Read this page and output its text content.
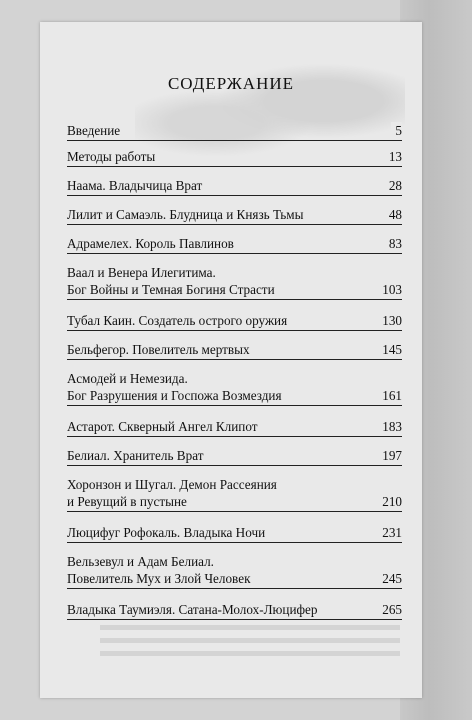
СОДЕРЖАНИЕ
Введение	5
Методы работы	13
Наама. Владычица Врат	28
Лилит и Самаэль. Блудница и Князь Тьмы	48
Адрамелех. Король Павлинов	83
Ваал и Венера Илегитима.
Бог Войны и Темная Богиня Страсти	103
Тубал Каин. Создатель острого оружия	130
Бельфегор. Повелитель мертвых	145
Асмодей и Немезида.
Бог Разрушения и Госпожа Возмездия	161
Астарот. Скверный Ангел Клипот	183
Белиал. Хранитель Врат	197
Хоронзон и Шугал. Демон Рассеяния
и Ревущий в пустыне	210
Люцифуг Рофокаль. Владыка Ночи	231
Вельзевул и Адам Белиал.
Повелитель Мух и Злой Человек	245
Владыка Таумиэля. Сатана-Молох-Люцифер	265
